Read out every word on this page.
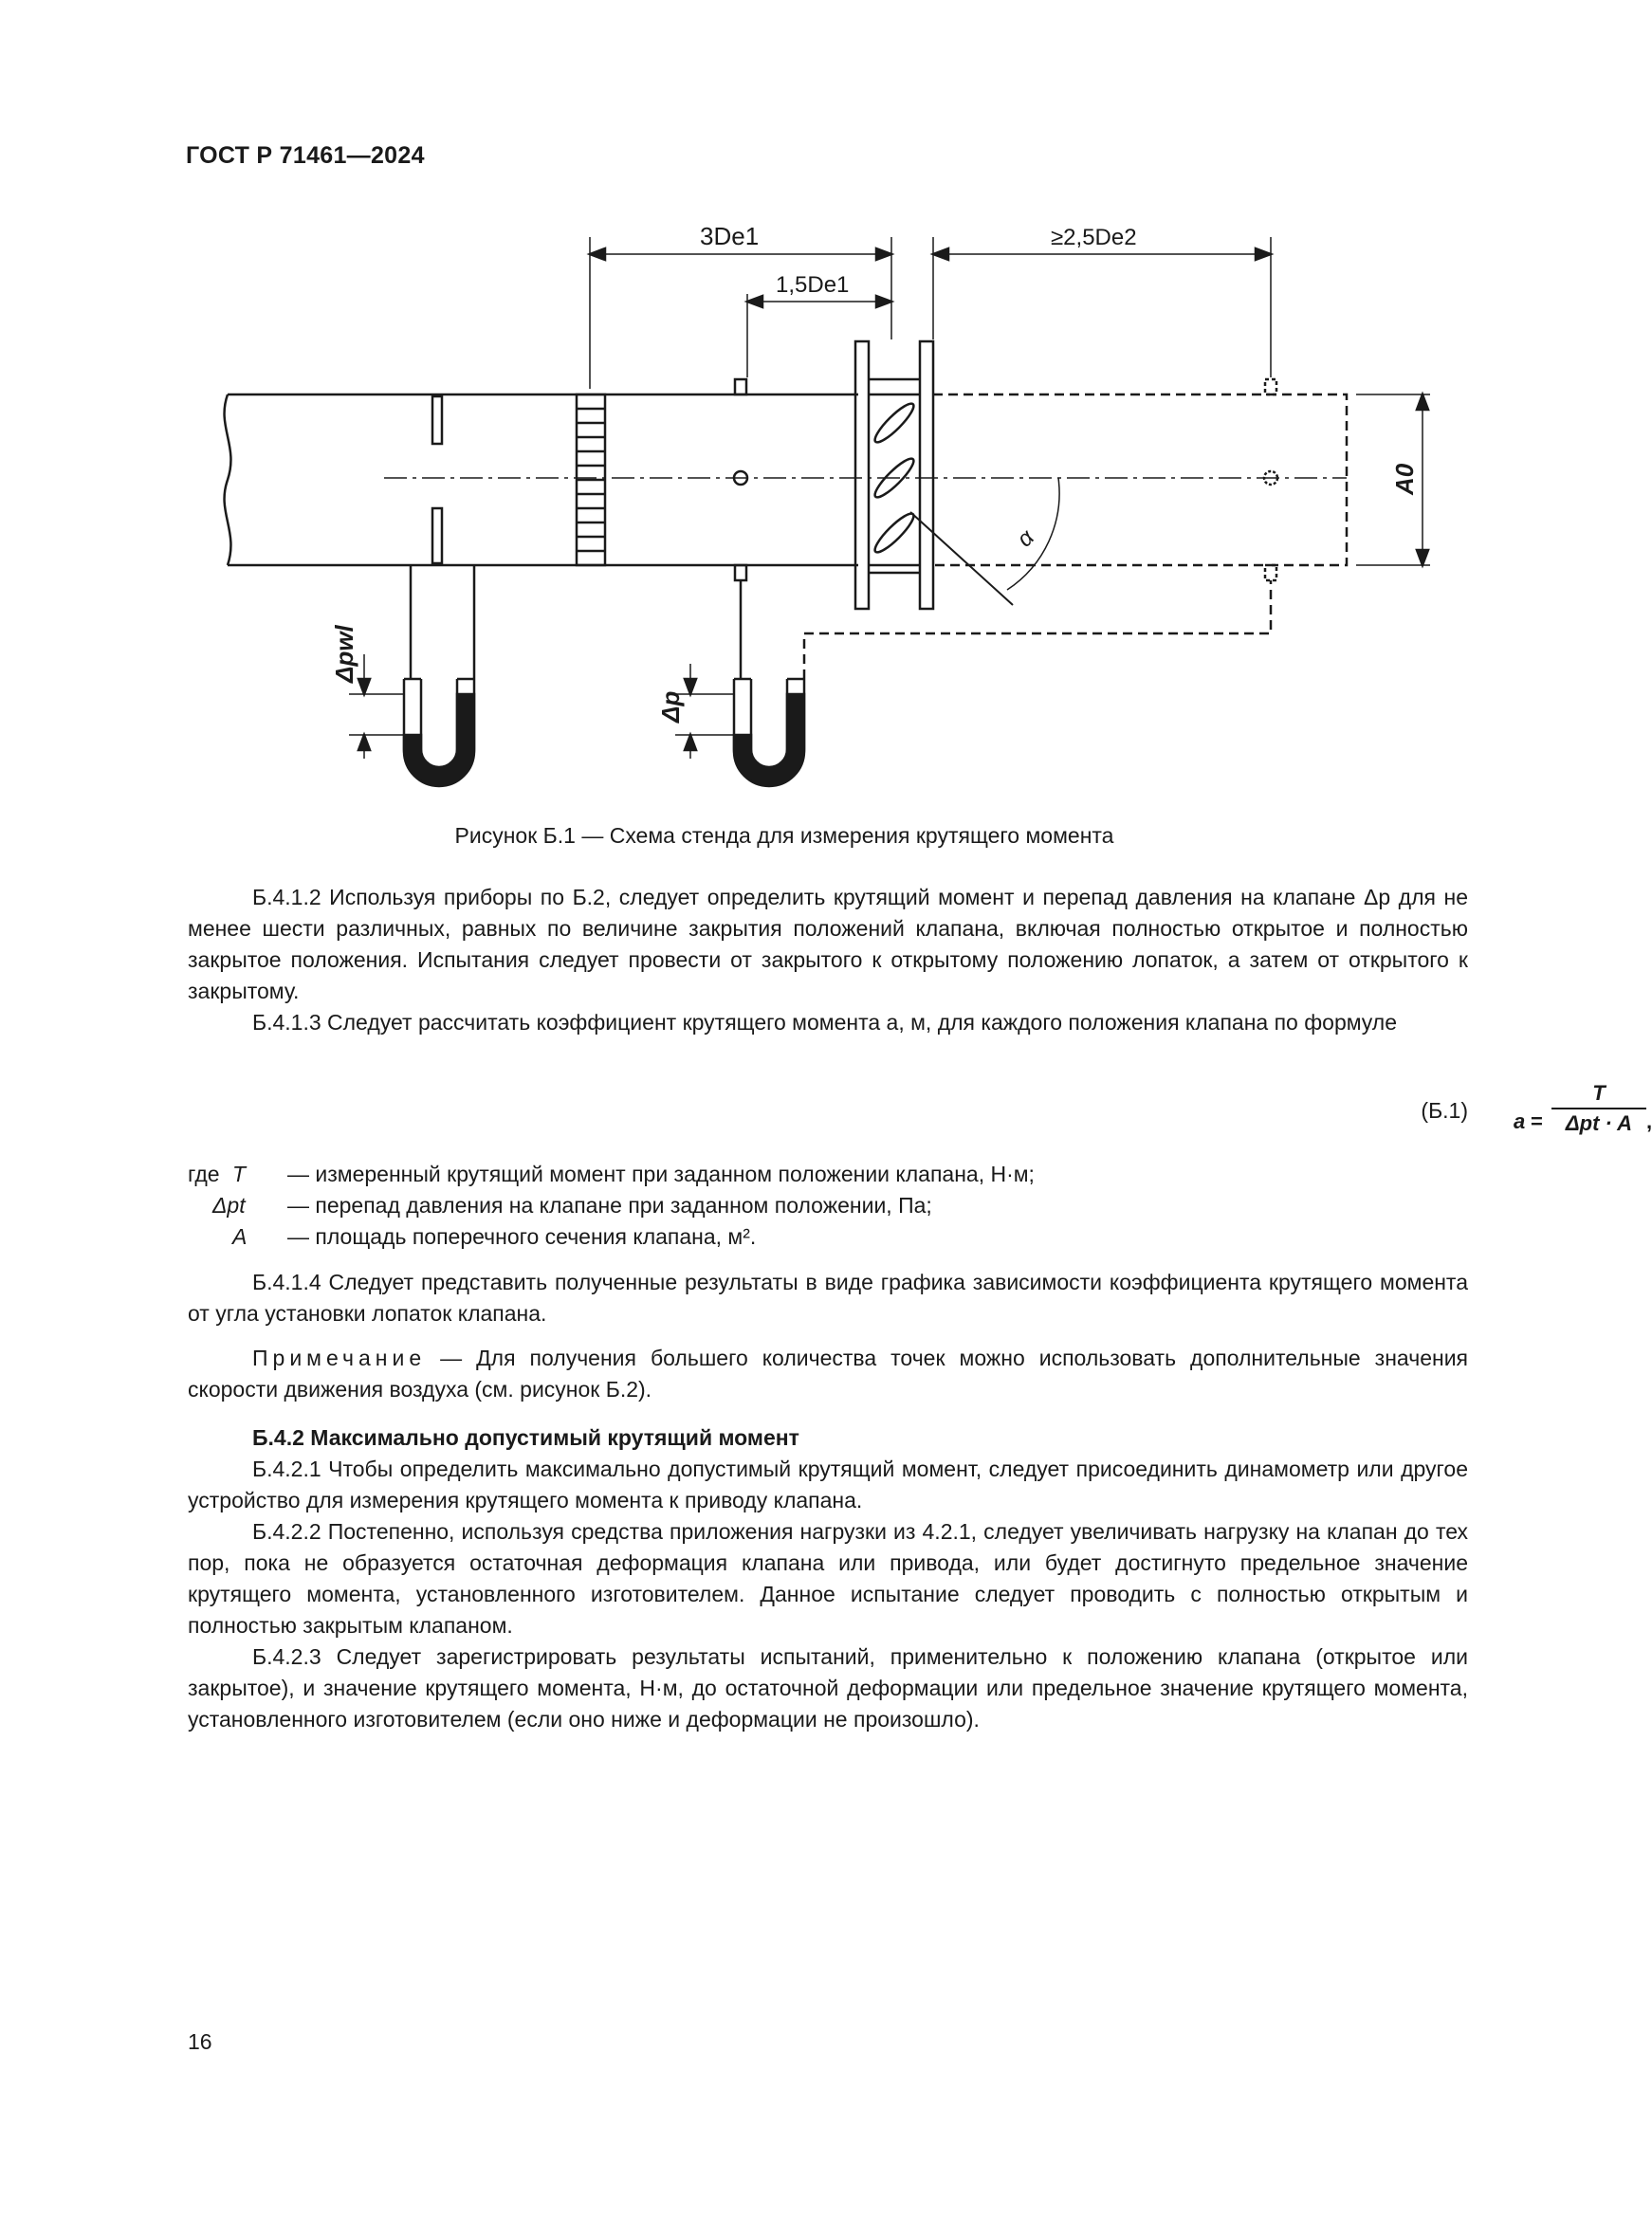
ГОСТ Р 71461—2024
3De1
1,5De1
≥2,5De2
A0
α
Δpwl
Δp
Рисунок Б.1 — Схема стенда для измерения крутящего момента

Б.4.1.2 Используя приборы по Б.2, следует определить крутящий момент и перепад давления на клапане Δp для не менее шести различных, равных по величине закрытия положений клапана, включая полностью открытое и полностью закрытое положения. Испытания следует провести от закрытого к открытому положению лопаток, а затем от открытого к закрытому.

Б.4.1.3 Следует рассчитать коэффициент крутящего момента a, м, для каждого положения клапана по формуле

a =
T
Δpt · A ,
(Б.1)
где T — измеренный крутящий момент при заданном положении клапана, Н·м;
Δpt — перепад давления на клапане при заданном положении, Па;
A — площадь поперечного сечения клапана, м².

Б.4.1.4 Следует представить полученные результаты в виде графика зависимости коэффициента крутящего момента от угла установки лопаток клапана.

Примечание — Для получения большего количества точек можно использовать дополнительные значения скорости движения воздуха (см. рисунок Б.2).

Б.4.2 Максимально допустимый крутящий момент

Б.4.2.1 Чтобы определить максимально допустимый крутящий момент, следует присоединить динамометр или другое устройство для измерения крутящего момента к приводу клапана.

Б.4.2.2 Постепенно, используя средства приложения нагрузки из 4.2.1, следует увеличивать нагрузку на клапан до тех пор, пока не образуется остаточная деформация клапана или привода, или будет достигнуто предельное значение крутящего момента, установленного изготовителем. Данное испытание следует проводить с полностью открытым и полностью закрытым клапаном.

Б.4.2.3 Следует зарегистрировать результаты испытаний, применительно к положению клапана (открытое или закрытое), и значение крутящего момента, Н·м, до остаточной деформации или предельное значение крутящего момента, установленного изготовителем (если оно ниже и деформации не произошло).

16
